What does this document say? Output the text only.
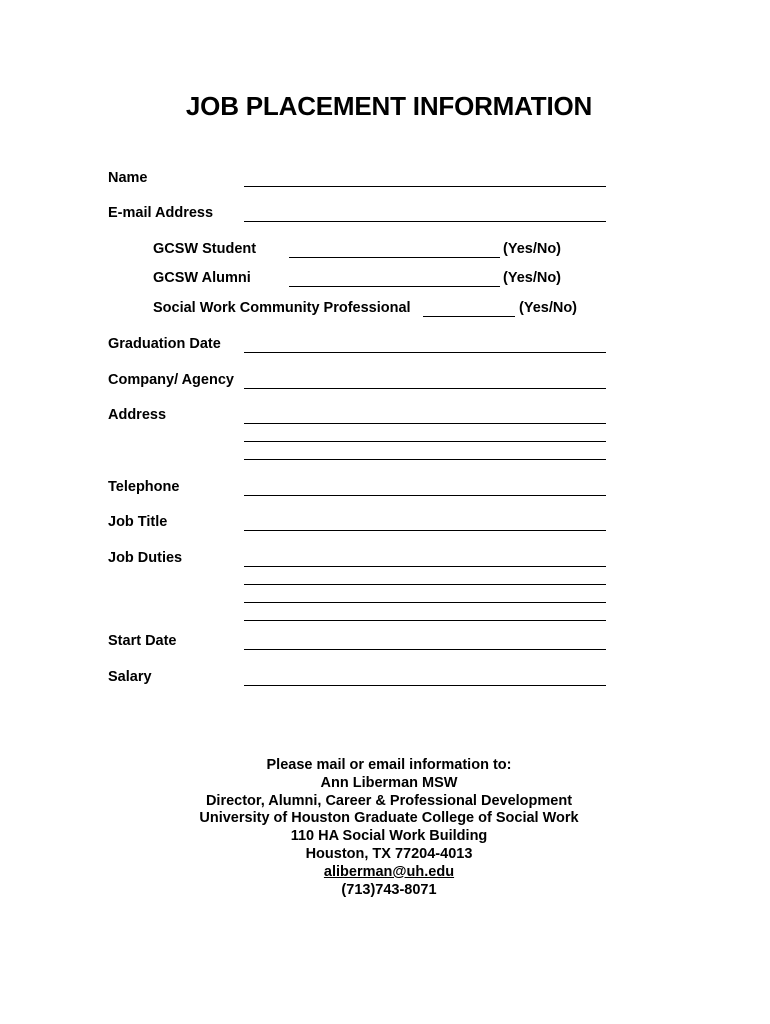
JOB PLACEMENT INFORMATION
Name
E-mail Address
GCSW Student	(Yes/No)
GCSW Alumni	(Yes/No)
Social Work Community Professional	(Yes/No)
Graduation Date
Company/ Agency
Address
Telephone
Job Title
Job Duties
Start Date
Salary
Please mail or email information to:
Ann Liberman MSW
Director, Alumni, Career & Professional Development
University of Houston Graduate College of Social Work
110 HA Social Work Building
Houston, TX 77204-4013
aliberman@uh.edu
(713)743-8071
